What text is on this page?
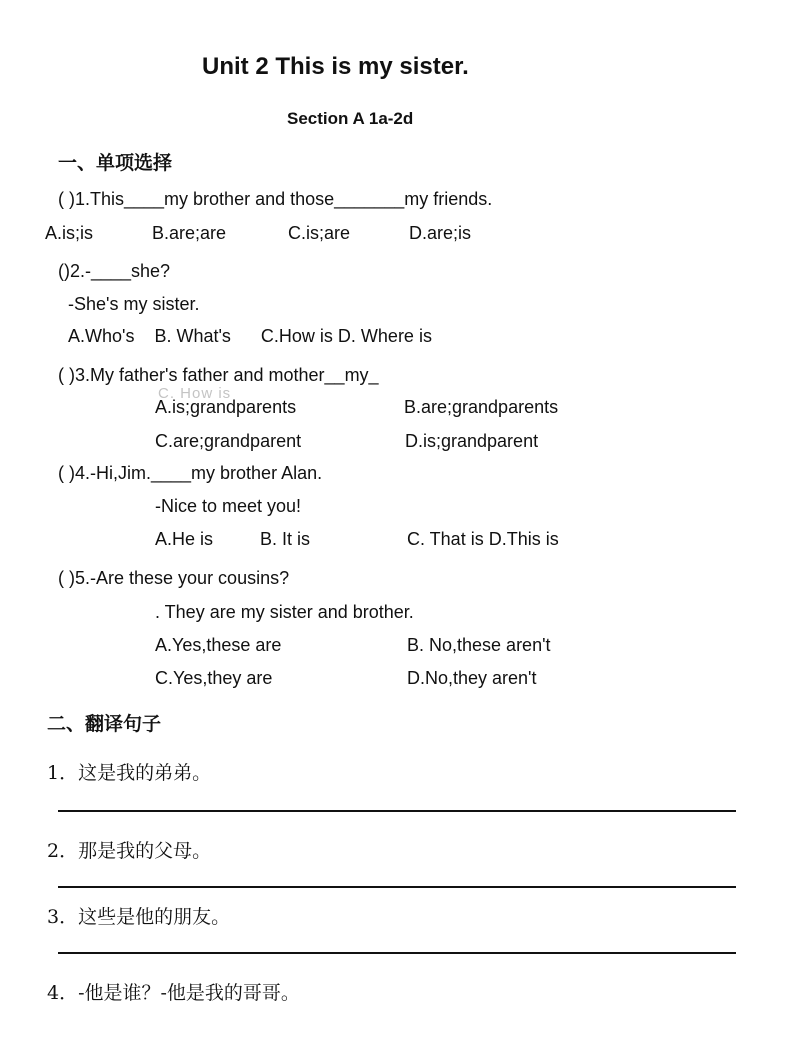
Unit 2 This is my sister.
Section A 1a-2d
一、单项选择
( )1.This____my brother and those_______my friends.
A.is;is	B.are;are	C.is;are	D.are;is
()2.-____she?
-She's my sister.
A.Who's    B. What's      C.How is D. Where is
( )3.My father's father and mother__my_
C. How is
A.is;grandparents	B.are;grandparents
C.are;grandparent	D.is;grandparent
( )4.-Hi,Jim.____my brother Alan.
-Nice to meet you!
A.He is	B. It is	C. That is D.This is
( )5.-Are these your cousins?
. They are my sister and brother.
A.Yes,these are	B. No,these aren't
C.Yes,they are	D.No,they aren't
二、翻译句子
1．这是我的弟弟。
2．那是我的父母。
3．这些是他的朋友。
4．-他是谁？-他是我的哥哥。
